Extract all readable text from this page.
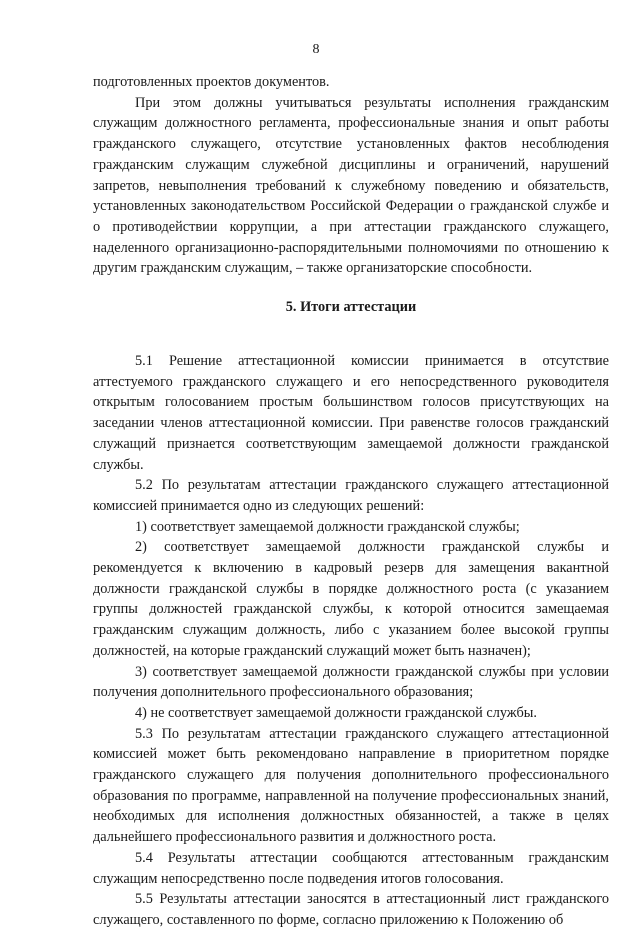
8

подготовленных проектов документов.

При этом должны учитываться результаты исполнения гражданским служащим должностного регламента, профессиональные знания и опыт работы гражданского служащего, отсутствие установленных фактов несоблюдения гражданским служащим служебной дисциплины и ограничений, нарушений запретов, невыполнения требований к служебному поведению и обязательств, установленных законодательством Российской Федерации о гражданской службе и о противодействии коррупции, а при аттестации гражданского служащего, наделенного организационно-распорядительными полномочиями по отношению к другим гражданским служащим, – также организаторские способности.

5. Итоги аттестации

5.1 Решение аттестационной комиссии принимается в отсутствие аттестуемого гражданского служащего и его непосредственного руководителя открытым голосованием простым большинством голосов присутствующих на заседании членов аттестационной комиссии. При равенстве голосов гражданский служащий признается соответствующим замещаемой должности гражданской службы.

5.2 По результатам аттестации гражданского служащего аттестационной комиссией принимается одно из следующих решений:

1) соответствует замещаемой должности гражданской службы;

2) соответствует замещаемой должности гражданской службы и рекомендуется к включению в кадровый резерв для замещения вакантной должности гражданской службы в порядке должностного роста (с указанием группы должностей гражданской службы, к которой относится замещаемая гражданским служащим должность, либо с указанием более высокой группы должностей, на которые гражданский служащий может быть назначен);

3) соответствует замещаемой должности гражданской службы при условии получения дополнительного профессионального образования;

4) не соответствует замещаемой должности гражданской службы.

5.3 По результатам аттестации гражданского служащего аттестационной комиссией может быть рекомендовано направление в приоритетном порядке гражданского служащего для получения дополнительного профессионального образования по программе, направленной на получение профессиональных знаний, необходимых для исполнения должностных обязанностей, а также в целях дальнейшего профессионального развития и должностного роста.

5.4 Результаты аттестации сообщаются аттестованным гражданским служащим непосредственно после подведения итогов голосования.

5.5 Результаты аттестации заносятся в аттестационный лист гражданского служащего, составленного по форме, согласно приложению к Положению об
